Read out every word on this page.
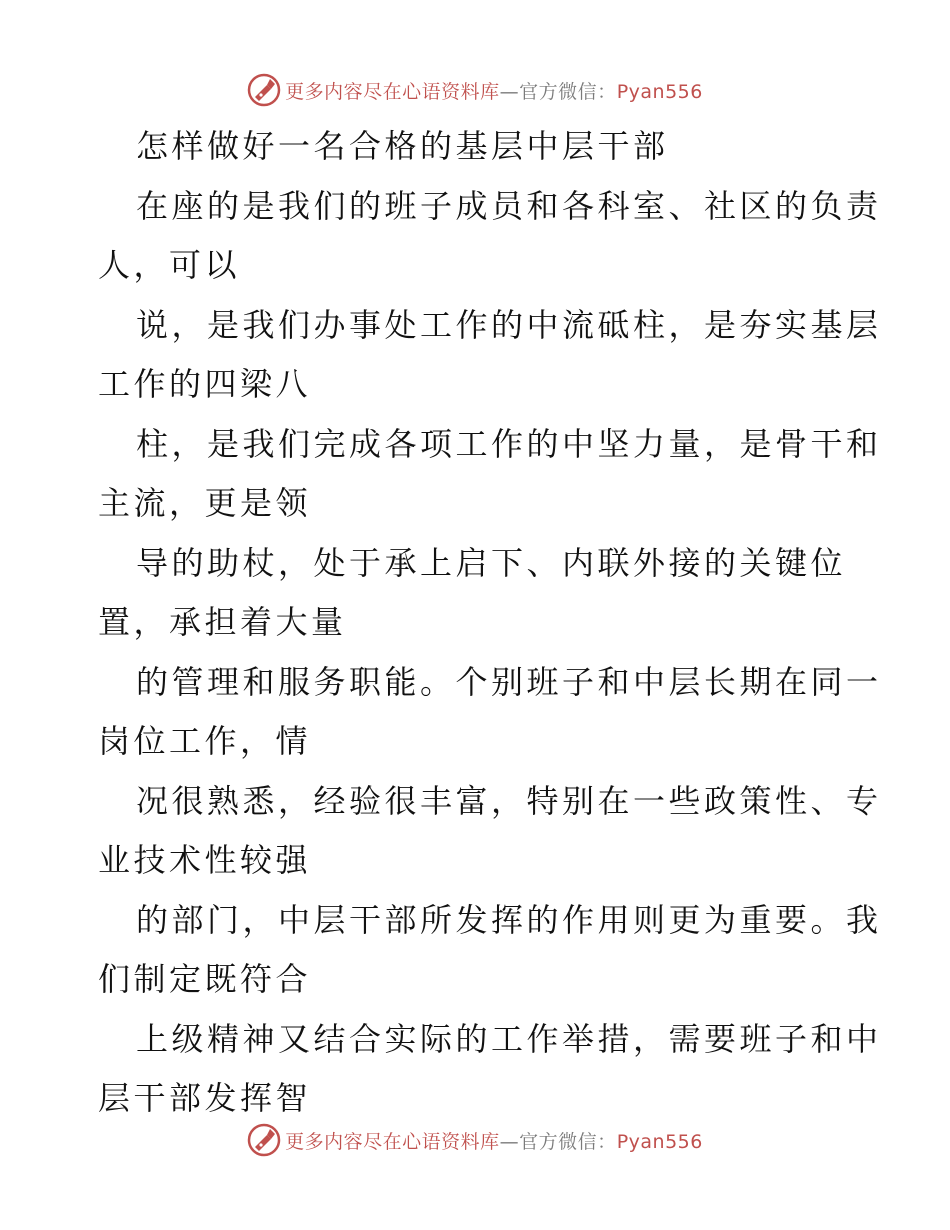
更多内容尽在心语资料库—官方微信：Pyan556
怎样做好一名合格的基层中层干部
在座的是我们的班子成员和各科室、社区的负责
人，可以
说，是我们办事处工作的中流砥柱，是夯实基层
工作的四梁八
柱，是我们完成各项工作的中坚力量，是骨干和
主流，更是领
导的助杖，处于承上启下、内联外接的关键位
置，承担着大量
的管理和服务职能。个别班子和中层长期在同一
岗位工作，情
况很熟悉，经验很丰富，特别在一些政策性、专
业技术性较强
的部门，中层干部所发挥的作用则更为重要。我
们制定既符合
上级精神又结合实际的工作举措，需要班子和中
层干部发挥智
更多内容尽在心语资料库—官方微信：Pyan556
